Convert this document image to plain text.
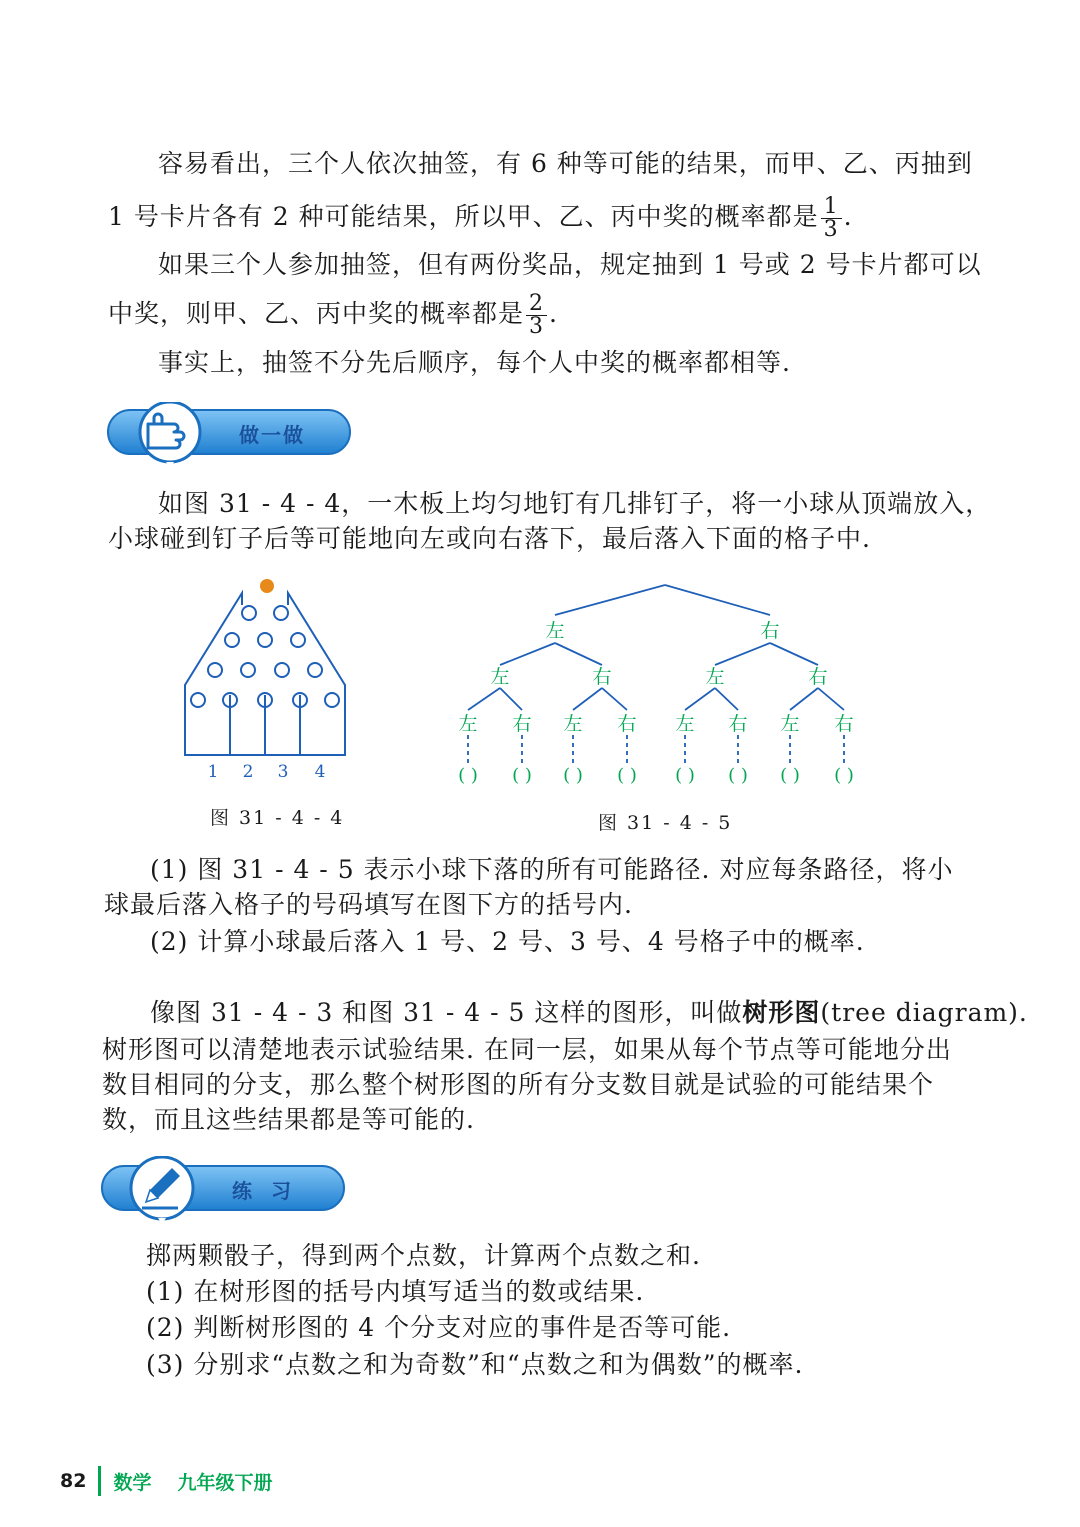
容易看出，三个人依次抽签，有 6 种等可能的结果，而甲、乙、丙抽到
1 号卡片各有 2 种可能结果，所以甲、乙、丙中奖的概率都是 $\frac{1}{3}$ .
如果三个人参加抽签，但有两份奖品，规定抽到 1 号或 2 号卡片都可以
中奖，则甲、乙、丙中奖的概率都是 $\frac{2}{3}$ .
事实上，抽签不分先后顺序，每个人中奖的概率都相等.
做一做
如图 31 - 4 - 4，一木板上均匀地钉有几排钉子，将一小球从顶端放入，
小球碰到钉子后等可能地向左或向右落下，最后落入下面的格子中.
1 2 3 4
图 31 - 4 - 4
左	右
左	右	左	右
左 右 左 右 左 右 左 右
( ) ( ) ( ) ( ) ( ) ( ) ( ) ( )
图 31 - 4 - 5
(1) 图 31 - 4 - 5 表示小球下落的所有可能路径. 对应每条路径，将小
球最后落入格子的号码填写在图下方的括号内.
(2) 计算小球最后落入 1 号、2 号、3 号、4 号格子中的概率.
像图 31 - 4 - 3 和图 31 - 4 - 5 这样的图形，叫做树形图(tree diagram).
树形图可以清楚地表示试验结果. 在同一层，如果从每个节点等可能地分出
数目相同的分支，那么整个树形图的所有分支数目就是试验的可能结果个
数，而且这些结果都是等可能的.
练 习
掷两颗骰子，得到两个点数，计算两个点数之和.
(1) 在树形图的括号内填写适当的数或结果.
(2) 判断树形图的 4 个分支对应的事件是否等可能.
(3) 分别求“点数之和为奇数”和“点数之和为偶数”的概率.
82 数学 九年级下册
